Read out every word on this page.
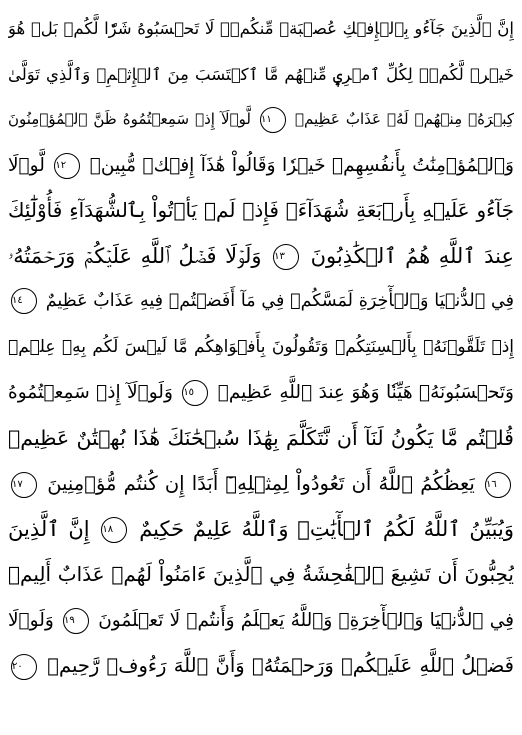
إِنَّ ٱلَّذِينَ جَآءُو بِٱلۡإِفۡكِ عُصۡبَةٞ مِّنكُمۡۚ لَا تَحۡسَبُوهُ شَرّٗا لَّكُمۖ بَلۡ هُوَ
خَيۡرٞ لَّكُمۡۚ لِكُلِّ ٱمۡرِيٕٖ مِّنۡهُم مَّا ٱكۡتَسَبَ مِنَ ٱلۡإِثۡمِۚ وَٱلَّذِي تَوَلَّىٰ
كِبۡرَهُۥ مِنۡهُمۡ لَهُۥ عَذَابٌ عَظِيمٞ ١١ لَّوۡلَآ إِذۡ سَمِعۡتُمُوهُ ظَنَّ ٱلۡمُؤۡمِنُونَ
وَٱلۡمُؤۡمِنَٰتُ بِأَنفُسِهِمۡ خَيۡرٗا وَقَالُواْ هَٰذَآ إِفۡكٞ مُّبِينٞ ١٢ لَّوۡلَا
جَآءُو عَلَيۡهِ بِأَرۡبَعَةِ شُهَدَآءَۚ فَإِذۡ لَمۡ يَأۡتُواْ بِٱلشُّهَدَآءِ فَأُوْلَٰٓئِكَ
عِندَ ٱللَّهِ هُمُ ٱلۡكَٰذِبُونَ ١٣ وَلَوۡلَا فَضۡلُ ٱللَّهِ عَلَيۡكُمۡ وَرَحۡمَتُهُۥ
فِي ٱلدُّنۡيَا وَٱلۡأٓخِرَةِ لَمَسَّكُمۡ فِي مَآ أَفَضۡتُمۡ فِيهِ عَذَابٌ عَظِيمٌ ١٤
إِذۡ تَلَقَّوۡنَهُۥ بِأَلۡسِنَتِكُمۡ وَتَقُولُونَ بِأَفۡوَاهِكُم مَّا لَيۡسَ لَكُم بِهِۦ عِلۡمٞ
وَتَحۡسَبُونَهُۥ هَيِّنٗا وَهُوَ عِندَ ٱللَّهِ عَظِيمٞ ١٥ وَلَوۡلَآ إِذۡ سَمِعۡتُمُوهُ
قُلۡتُم مَّا يَكُونُ لَنَآ أَن نَّتَكَلَّمَ بِهَٰذَا سُبۡحَٰنَكَ هَٰذَا بُهۡتَٰنٌ عَظِيمٞ
١٦ يَعِظُكُمُ ٱللَّهُ أَن تَعُودُواْ لِمِثۡلِهِۦٓ أَبَدًا إِن كُنتُم مُّؤۡمِنِينَ ١٧
وَيُبَيِّنُ ٱللَّهُ لَكُمُ ٱلۡأٓيَٰتِۚ وَٱللَّهُ عَلِيمٌ حَكِيمٌ ١٨ إِنَّ ٱلَّذِينَ
يُحِبُّونَ أَن تَشِيعَ ٱلۡفَٰحِشَةُ فِي ٱلَّذِينَ ءَامَنُواْ لَهُمۡ عَذَابٌ أَلِيمٞ
فِي ٱلدُّنۡيَا وَٱلۡأٓخِرَةِۚ وَٱللَّهُ يَعۡلَمُ وَأَنتُمۡ لَا تَعۡلَمُونَ ١٩ وَلَوۡلَا
فَضۡلُ ٱللَّهِ عَلَيۡكُمۡ وَرَحۡمَتُهُۥ وَأَنَّ ٱللَّهَ رَءُوفٞ رَّحِيمٞ ٢٠
